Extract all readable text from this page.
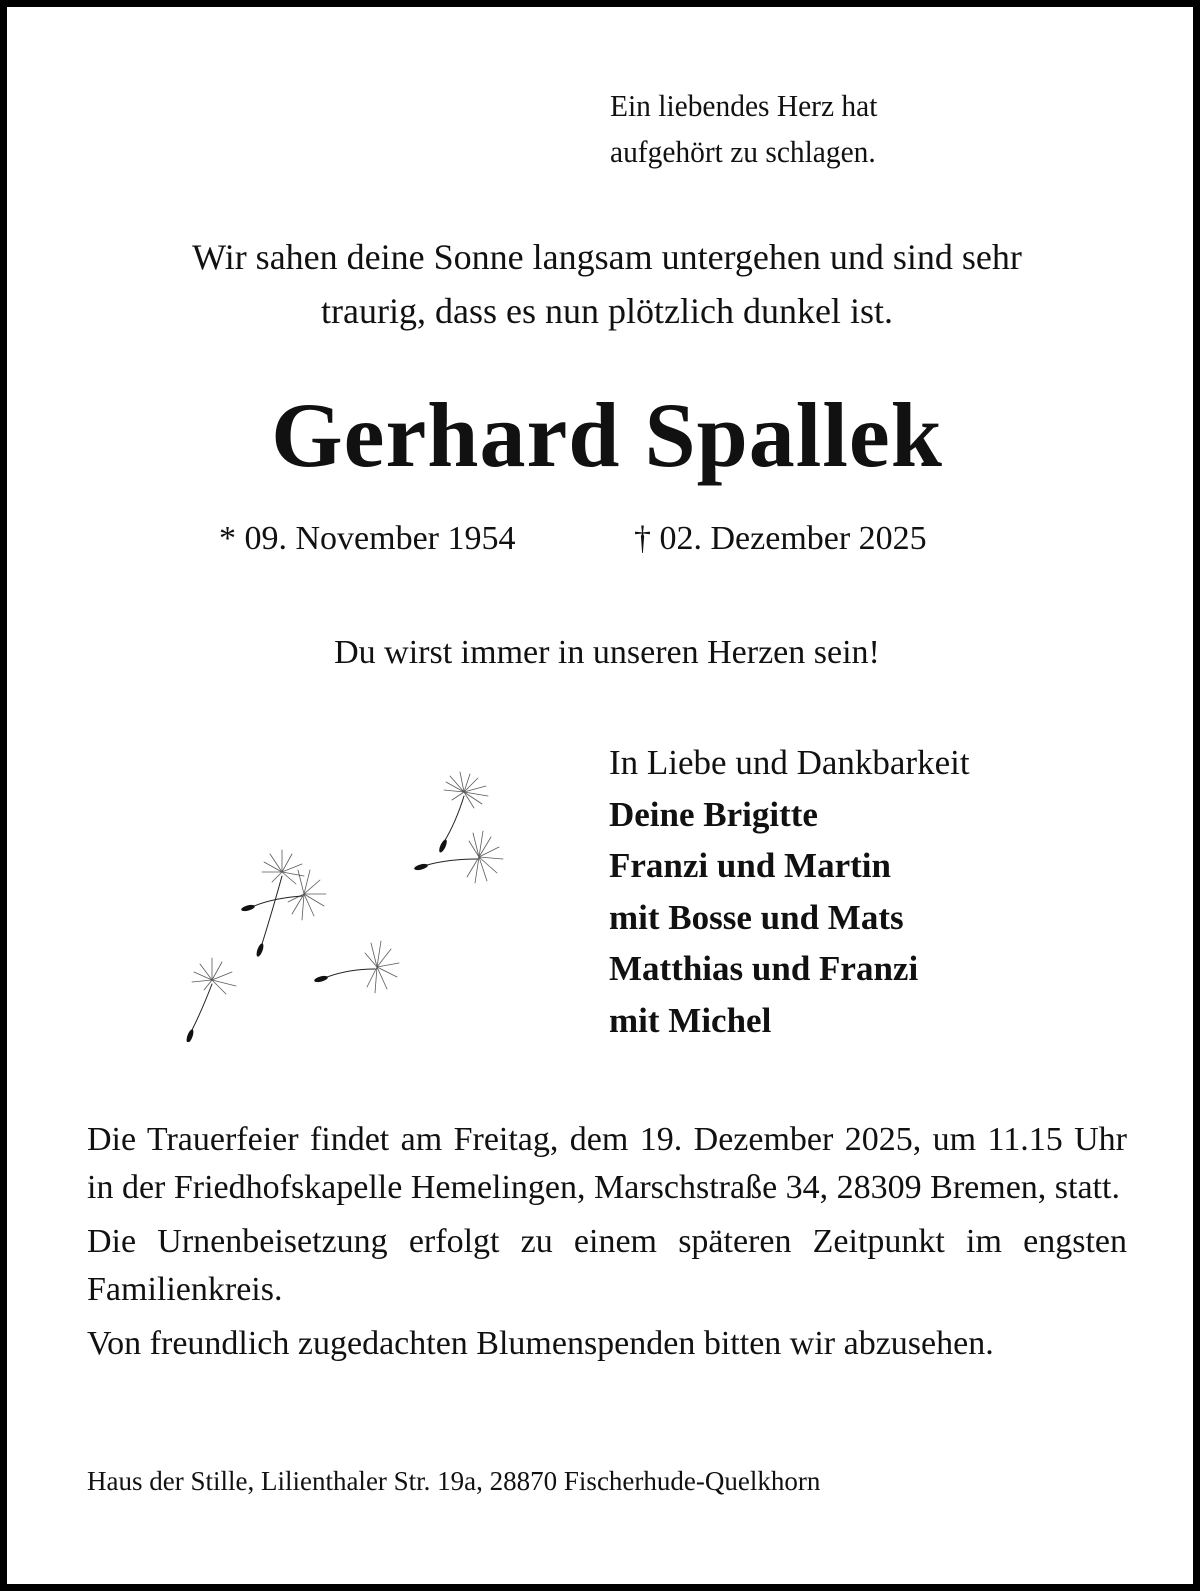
Ein liebendes Herz hat
aufgehört zu schlagen.
Wir sahen deine Sonne langsam untergehen und sind sehr
traurig, dass es nun plötzlich dunkel ist.
Gerhard Spallek
* 09. November 1954	† 02. Dezember 2025
Du wirst immer in unseren Herzen sein!
In Liebe und Dankbarkeit
Deine Brigitte
Franzi und Martin
mit Bosse und Mats
Matthias und Franzi
mit Michel

Die Trauerfeier findet am Freitag, dem 19. Dezember 2025, um 11.15 Uhr in der Friedhofskapelle Hemelingen, Marschstraße 34, 28309 Bremen, statt.

Die Urnenbeisetzung erfolgt zu einem späteren Zeitpunkt im engsten Familienkreis.

Von freundlich zugedachten Blumenspenden bitten wir abzusehen.

Haus der Stille, Lilienthaler Str. 19a, 28870 Fischerhude-Quelkhorn
